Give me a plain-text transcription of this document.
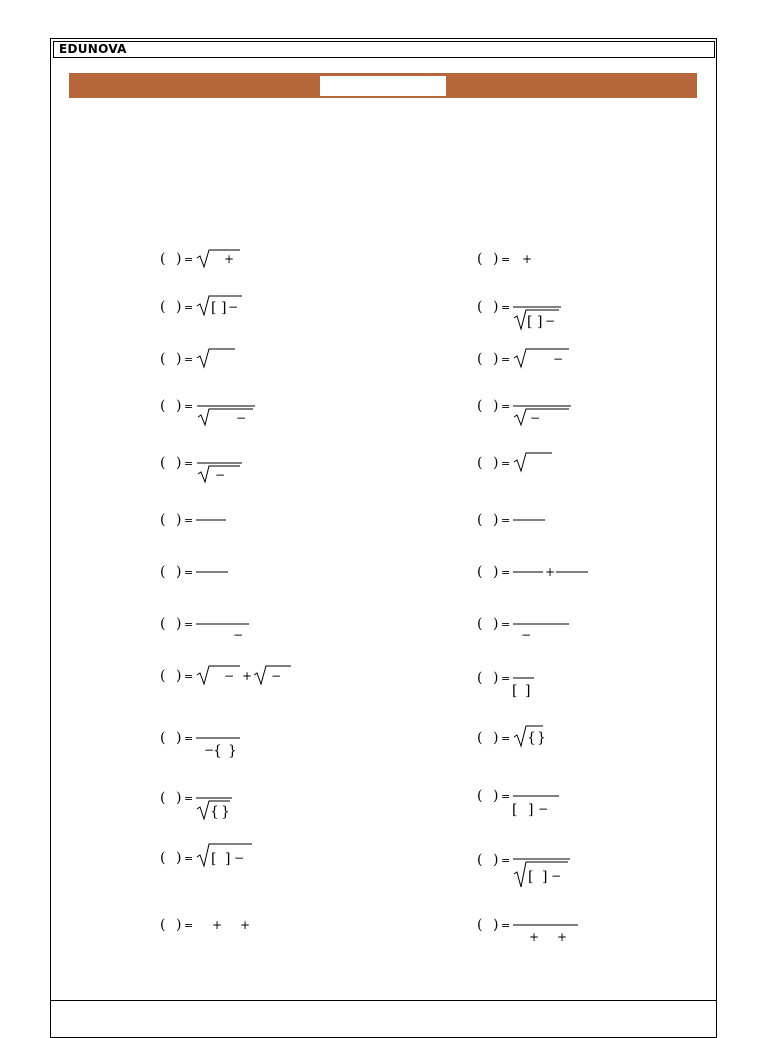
EDUNOVA
( ) =	+
( ) = [ ] −
( ) =
( ) =
−
( ) =
−
( ) =
( ) =
( ) =
−
( ) =	− + −
( ) =
−
{ }
( ) =
{ }
( ) = [ ] −
( ) = + +
( ) = +
( ) =
[ ] −
( ) =	−
( ) =
−
( ) =
( ) =
( ) =	+
( ) =
−
( ) =
[ ]
( ) = { }
( ) =
[ ] −
( ) =
[ ] −
( ) =
+ +
